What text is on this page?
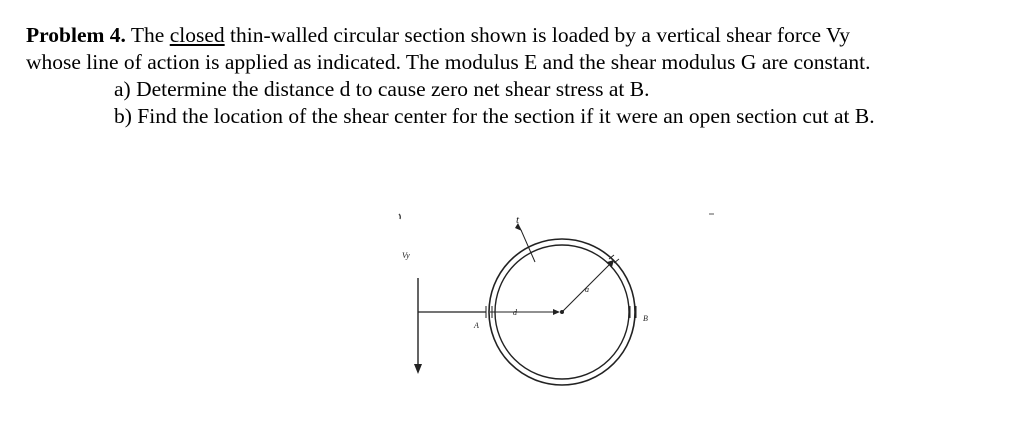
Problem 4. The closed thin-walled circular section shown is loaded by a vertical shear force Vy
whose line of action is applied as indicated. The modulus E and the shear modulus G are constant.
a) Determine the distance d to cause zero net shear stress at B.
b) Find the location of the shear center for the section if it were an open section cut at B.
Vy
t
a
d
A
B
